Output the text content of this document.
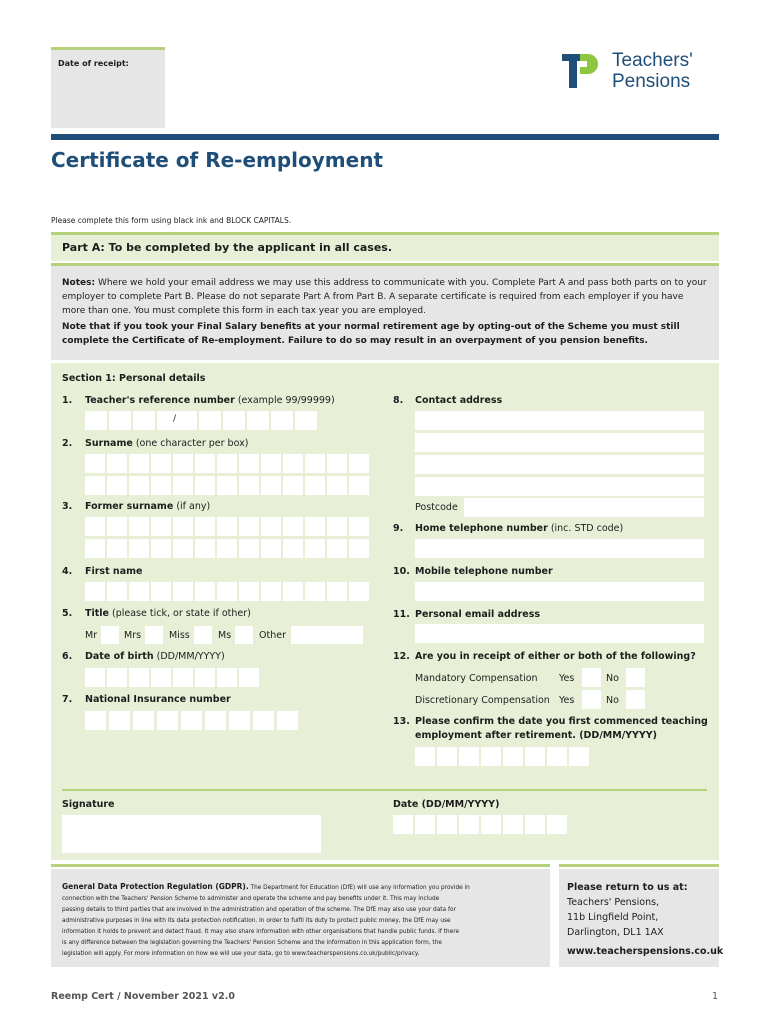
Date of receipt:	Teachers'
Pensions
Certificate of Re-employment
Please complete this form using black ink and BLOCK CAPITALS.
Part A: To be completed by the applicant in all cases.
Notes: Where we hold your email address we may use this address to communicate with you. Complete Part A and pass both parts on to your employer to complete Part B. Please do not separate Part A from Part B. A separate certificate is required from each employer if you have more than one. You must complete this form in each tax year you are employed.
Note that if you took your Final Salary benefits at your normal retirement age by opting-out of the Scheme you must still complete the Certificate of Re-employment. Failure to do so may result in an overpayment of you pension benefits.
Section 1: Personal details
1. Teacher's reference number (example 99/99999)
/
2. Surname (one character per box)
3. Former surname (if any)
4. First name
5. Title (please tick, or state if other)
Mr	Mrs	Miss	Ms	Other
6. Date of birth (DD/MM/YYYY)
7. National Insurance number
8. Contact address
Postcode
9. Home telephone number (inc. STD code)
10. Mobile telephone number
11. Personal email address
12. Are you in receipt of either or both of the following?
Mandatory Compensation Yes	No
Discretionary Compensation Yes	No
13. Please confirm the date you first commenced teaching
employment after retirement. (DD/MM/YYYY)
Signature	Date (DD/MM/YYYY)
General Data Protection Regulation (GDPR). The Department for Education (DfE) will use any information you provide in
connection with the Teachers' Pension Scheme to administer and operate the scheme and pay benefits under it. This may include
passing details to third parties that are involved in the administration and operation of the scheme. The DfE may also use your data for
administrative purposes in line with its data protection notification. In order to fulfil its duty to protect public money, the DfE may use
information it holds to prevent and detect fraud. It may also share information with other organisations that handle public funds. If there
is any difference between the legislation governing the Teachers' Pension Scheme and the information in this application form, the
legislation will apply. For more information on how we will use your data, go to www.teacherspensions.co.uk/public/privacy.
Please return to us at:
Teachers' Pensions,
11b Lingfield Point,
Darlington, DL1 1AX
www.teacherspensions.co.uk
Reemp Cert / November 2021 v2.0	1
